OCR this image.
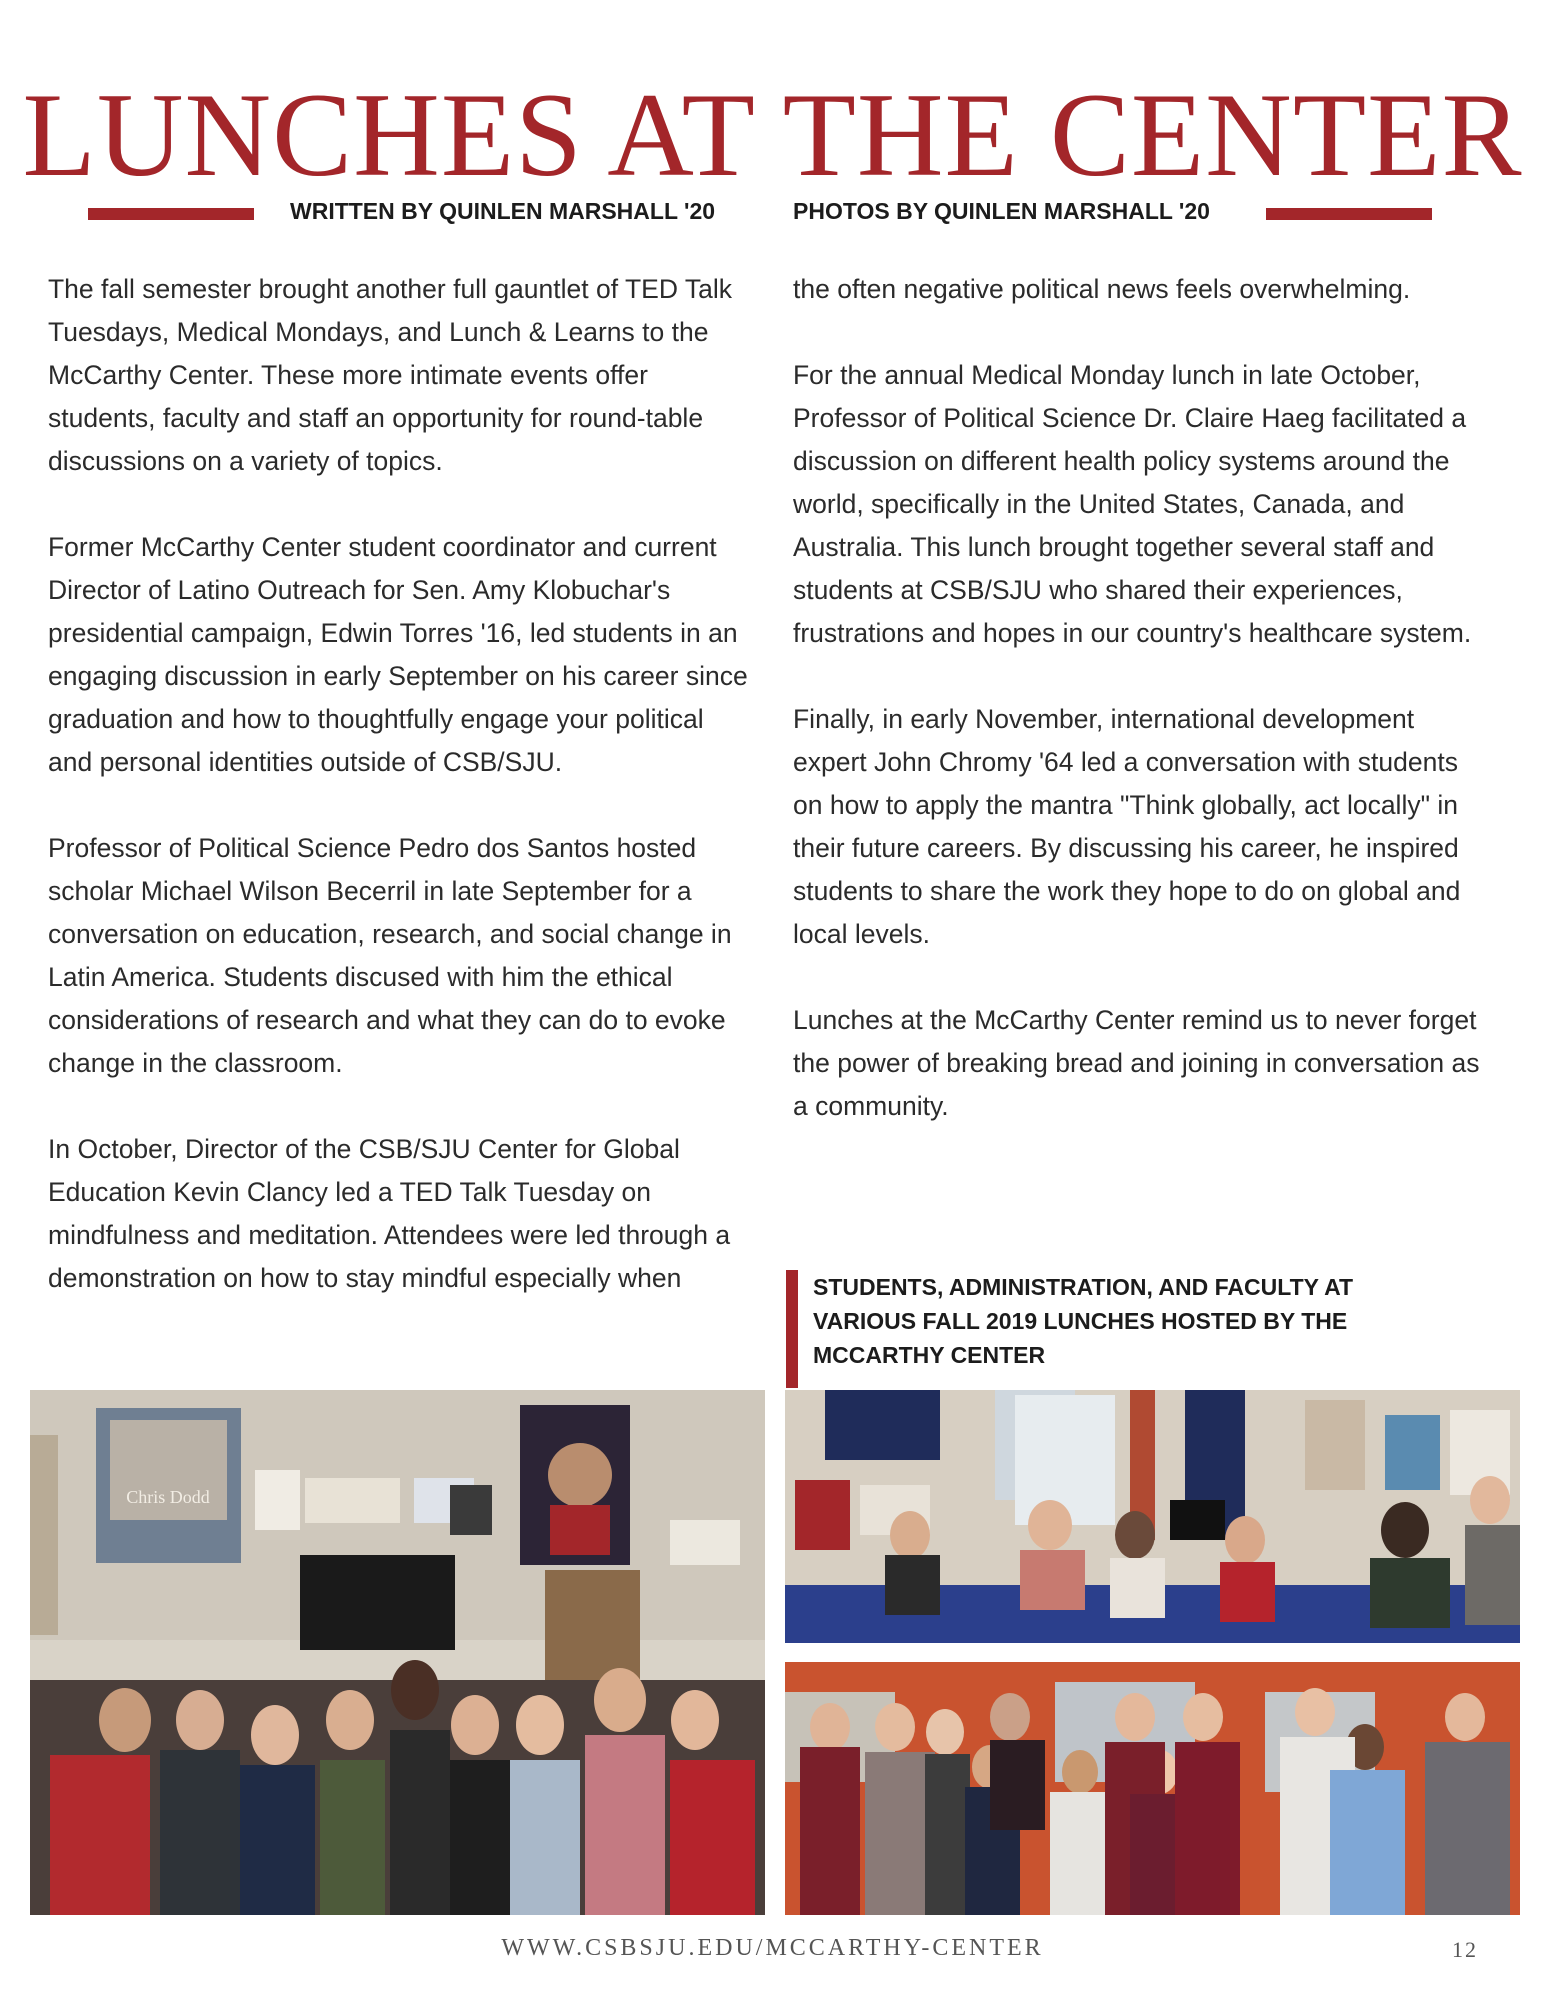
LUNCHES AT THE CENTER
WRITTEN BY QUINLEN MARSHALL '20	PHOTOS BY QUINLEN MARSHALL '20

The fall semester brought another full gauntlet of TED Talk Tuesdays, Medical Mondays, and Lunch & Learns to the McCarthy Center. These more intimate events offer students, faculty and staff an opportunity for round-table discussions on a variety of topics.

Former McCarthy Center student coordinator and current Director of Latino Outreach for Sen. Amy Klobuchar's presidential campaign, Edwin Torres '16, led students in an engaging discussion in early September on his career since graduation and how to thoughtfully engage your political and personal identities outside of CSB/SJU.

Professor of Political Science Pedro dos Santos hosted scholar Michael Wilson Becerril in late September for a conversation on education, research, and social change in Latin America. Students discused with him the ethical considerations of research and what they can do to evoke change in the classroom.

In October, Director of the CSB/SJU Center for Global Education Kevin Clancy led a TED Talk Tuesday on mindfulness and meditation. Attendees were led through a demonstration on how to stay mindful especially when

the often negative political news feels overwhelming.

For the annual Medical Monday lunch in late October, Professor of Political Science Dr. Claire Haeg facilitated a discussion on different health policy systems around the world, specifically in the United States, Canada, and Australia. This lunch brought together several staff and students at CSB/SJU who shared their experiences, frustrations and hopes in our country's healthcare system.

Finally, in early November, international development expert John Chromy '64 led a conversation with students on how to apply the mantra "Think globally, act locally" in their future careers. By discussing his career, he inspired students to share the work they hope to do on global and local levels.

Lunches at the McCarthy Center remind us to never forget the power of breaking bread and joining in conversation as a community.

STUDENTS, ADMINISTRATION, AND FACULTY AT VARIOUS FALL 2019 LUNCHES HOSTED BY THE MCCARTHY CENTER
Chris Dodd
WWW.CSBSJU.EDU/MCCARTHY-CENTER	12
